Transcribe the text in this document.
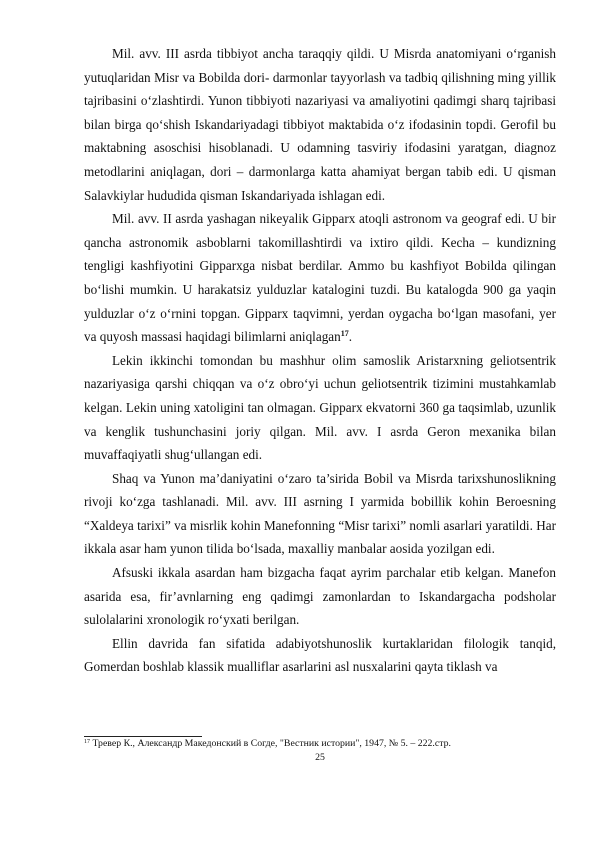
Mil. avv. III asrda tibbiyot ancha taraqqiy qildi. U Misrda anatomiyani o‘rganish yutuqlaridan Misr va Bobilda dori- darmonlar tayyorlash va tadbiq qilishning ming yillik tajribasini o‘zlashtirdi. Yunon tibbiyoti nazariyasi va amaliyotini qadimgi sharq tajribasi bilan birga qo‘shish Iskandariyadagi tibbiyot maktabida o‘z ifodasinin topdi. Gerofil bu maktabning asoschisi hisoblanadi. U odamning tasviriy ifodasini yaratgan, diagnoz metodlarini aniqlagan, dori – darmonlarga katta ahamiyat bergan tabib edi. U qisman Salavkiylar hududida qisman Iskandariyada ishlagan edi.

Mil. avv. II asrda yashagan nikeyalik Gipparx atoqli astronom va geograf edi. U bir qancha astronomik asboblarni takomillashtirdi va ixtiro qildi. Kecha – kundizning tengligi kashfiyotini Gipparxga nisbat berdilar. Ammo bu kashfiyot Bobilda qilingan bo‘lishi mumkin. U harakatsiz yulduzlar katalogini tuzdi. Bu katalogda 900 ga yaqin yulduzlar o‘z o‘rnini topgan. Gipparx taqvimni, yerdan oygacha bo‘lgan masofani, yer va quyosh massasi haqidagi bilimlarni aniqlagan$^{17}$.

Lekin ikkinchi tomondan bu mashhur olim samoslik Aristarxning geliotsentrik nazariyasiga qarshi chiqqan va o‘z obro‘yi uchun geliotsentrik tizimini mustahkamlab kelgan. Lekin uning xatoligini tan olmagan. Gipparx ekvatorni 360 ga taqsimlab, uzunlik va kenglik tushunchasini joriy qilgan. Mil. avv. I asrda Geron mexanika bilan muvaffaqiyatli shug‘ullangan edi.

Shaq va Yunon ma’daniyatini o‘zaro ta’sirida Bobil va Misrda tarixshunoslikning rivoji ko‘zga tashlanadi. Mil. avv. III asrning I yarmida bobillik kohin Beroesning “Xaldeya tarixi” va misrlik kohin Manefonning “Misr tarixi” nomli asarlari yaratildi. Har ikkala asar ham yunon tilida bo‘lsada, maxalliy manbalar aosida yozilgan edi.

Afsuski ikkala asardan ham bizgacha faqat ayrim parchalar etib kelgan. Manefon asarida esa, fir’avnlarning eng qadimgi zamonlardan to Iskandargacha podsholar sulolalarini xronologik ro‘yxati berilgan.

Ellin davrida fan sifatida adabiyotshunoslik kurtaklaridan filologik tanqid, Gomerdan boshlab klassik mualliflar asarlarini asl nusxalarini qayta tiklash va

$^{17}$ Тревер К., Александр Македонский в Согде, "Вестник истории", 1947, № 5. – 222.стр.
25
